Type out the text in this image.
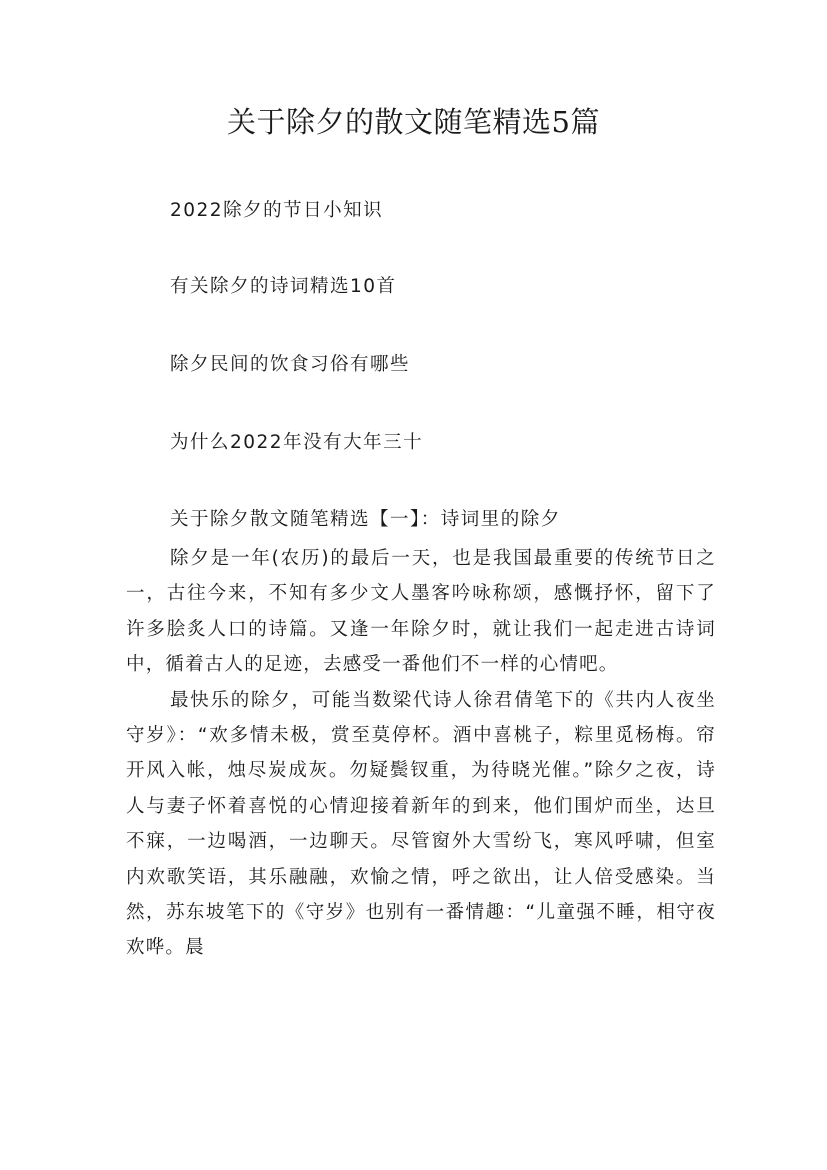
关于除夕的散文随笔精选5篇
2022除夕的节日小知识
有关除夕的诗词精选10首
除夕民间的饮食习俗有哪些
为什么2022年没有大年三十
关于除夕散文随笔精选【一】：诗词里的除夕

除夕是一年(农历)的最后一天，也是我国最重要的传统节日之一，古往今来，不知有多少文人墨客吟咏称颂，感慨抒怀，留下了许多脍炙人口的诗篇。又逢一年除夕时，就让我们一起走进古诗词中，循着古人的足迹，去感受一番他们不一样的心情吧。

最快乐的除夕，可能当数梁代诗人徐君倩笔下的《共内人夜坐守岁》：“欢多情未极，赏至莫停杯。酒中喜桃子，粽里觅杨梅。帘开风入帐，烛尽炭成灰。勿疑鬓钗重，为待晓光催。”除夕之夜，诗人与妻子怀着喜悦的心情迎接着新年的到来，他们围炉而坐，达旦不寐，一边喝酒，一边聊天。尽管窗外大雪纷飞，寒风呼啸，但室内欢歌笑语，其乐融融，欢愉之情，呼之欲出，让人倍受感染。当然，苏东坡笔下的《守岁》也别有一番情趣：“儿童强不睡，相守夜欢哗。晨
